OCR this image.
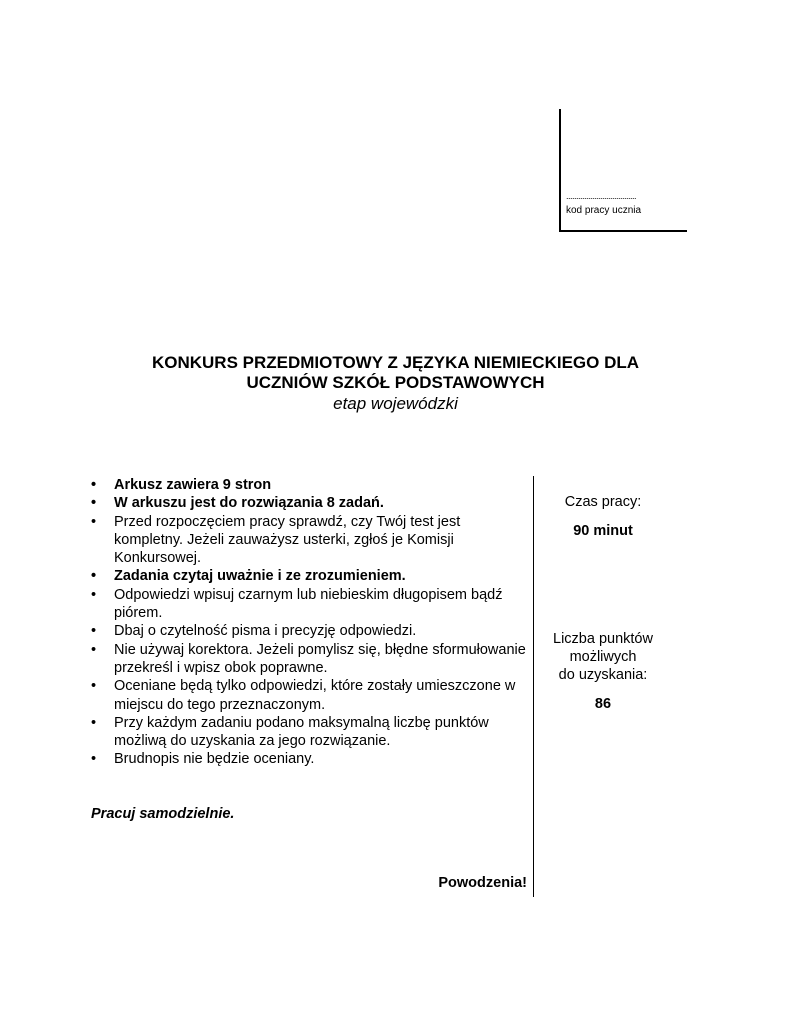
...................................
kod pracy ucznia
KONKURS PRZEDMIOTOWY Z JĘZYKA NIEMIECKIEGO DLA
UCZNIÓW SZKÓŁ PODSTAWOWYCH
etap wojewódzki
• Arkusz zawiera 9 stron
• W arkuszu jest do rozwiązania 8 zadań.
• Przed rozpoczęciem pracy sprawdź, czy Twój test jest kompletny. Jeżeli zauważysz usterki, zgłoś je Komisji Konkursowej.
• Zadania czytaj uważnie i ze zrozumieniem.
• Odpowiedzi wpisuj czarnym lub niebieskim długopisem bądź piórem.
• Dbaj o czytelność pisma i precyzję odpowiedzi.
• Nie używaj korektora. Jeżeli pomylisz się, błędne sformułowanie przekreśl i wpisz obok poprawne.
• Oceniane będą tylko odpowiedzi, które zostały umieszczone w miejscu do tego przeznaczonym.
• Przy każdym zadaniu podano maksymalną liczbę punktów możliwą do uzyskania za jego rozwiązanie.
• Brudnopis nie będzie oceniany.
Pracuj samodzielnie.
Powodzenia!
Czas pracy:
90 minut
Liczba punktów
możliwych
do uzyskania:
86
